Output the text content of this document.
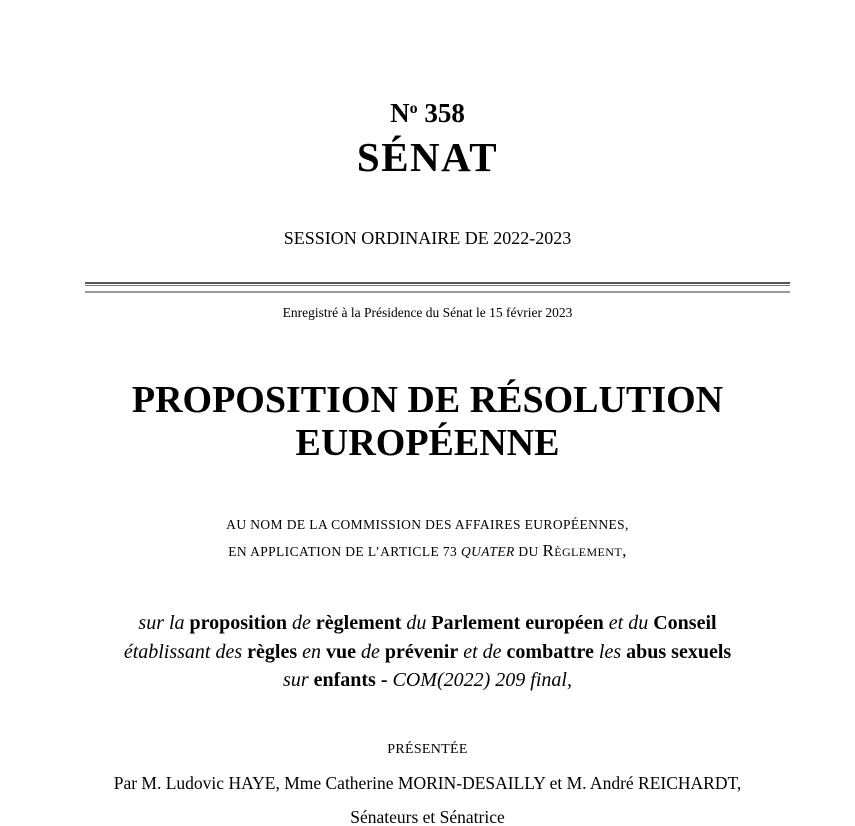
$N^o$ 358
SÉNAT
SESSION ORDINAIRE DE 2022-2023
Enregistré à la Présidence du Sénat le 15 février 2023
PROPOSITION DE RÉSOLUTION
EUROPÉENNE
AU NOM DE LA COMMISSION DES AFFAIRES EUROPÉENNES,
EN APPLICATION DE L’ARTICLE 73 QUATER DU Règlement,
sur la proposition de règlement du Parlement européen et du Conseil
établissant des règles en vue de prévenir et de combattre les abus sexuels
sur enfants - COM(2022) 209 final,
PRÉSENTÉE
Par M. Ludovic HAYE, Mme Catherine MORIN-DESAILLY et M. André REICHARDT,
Sénateurs et Sénatrice
